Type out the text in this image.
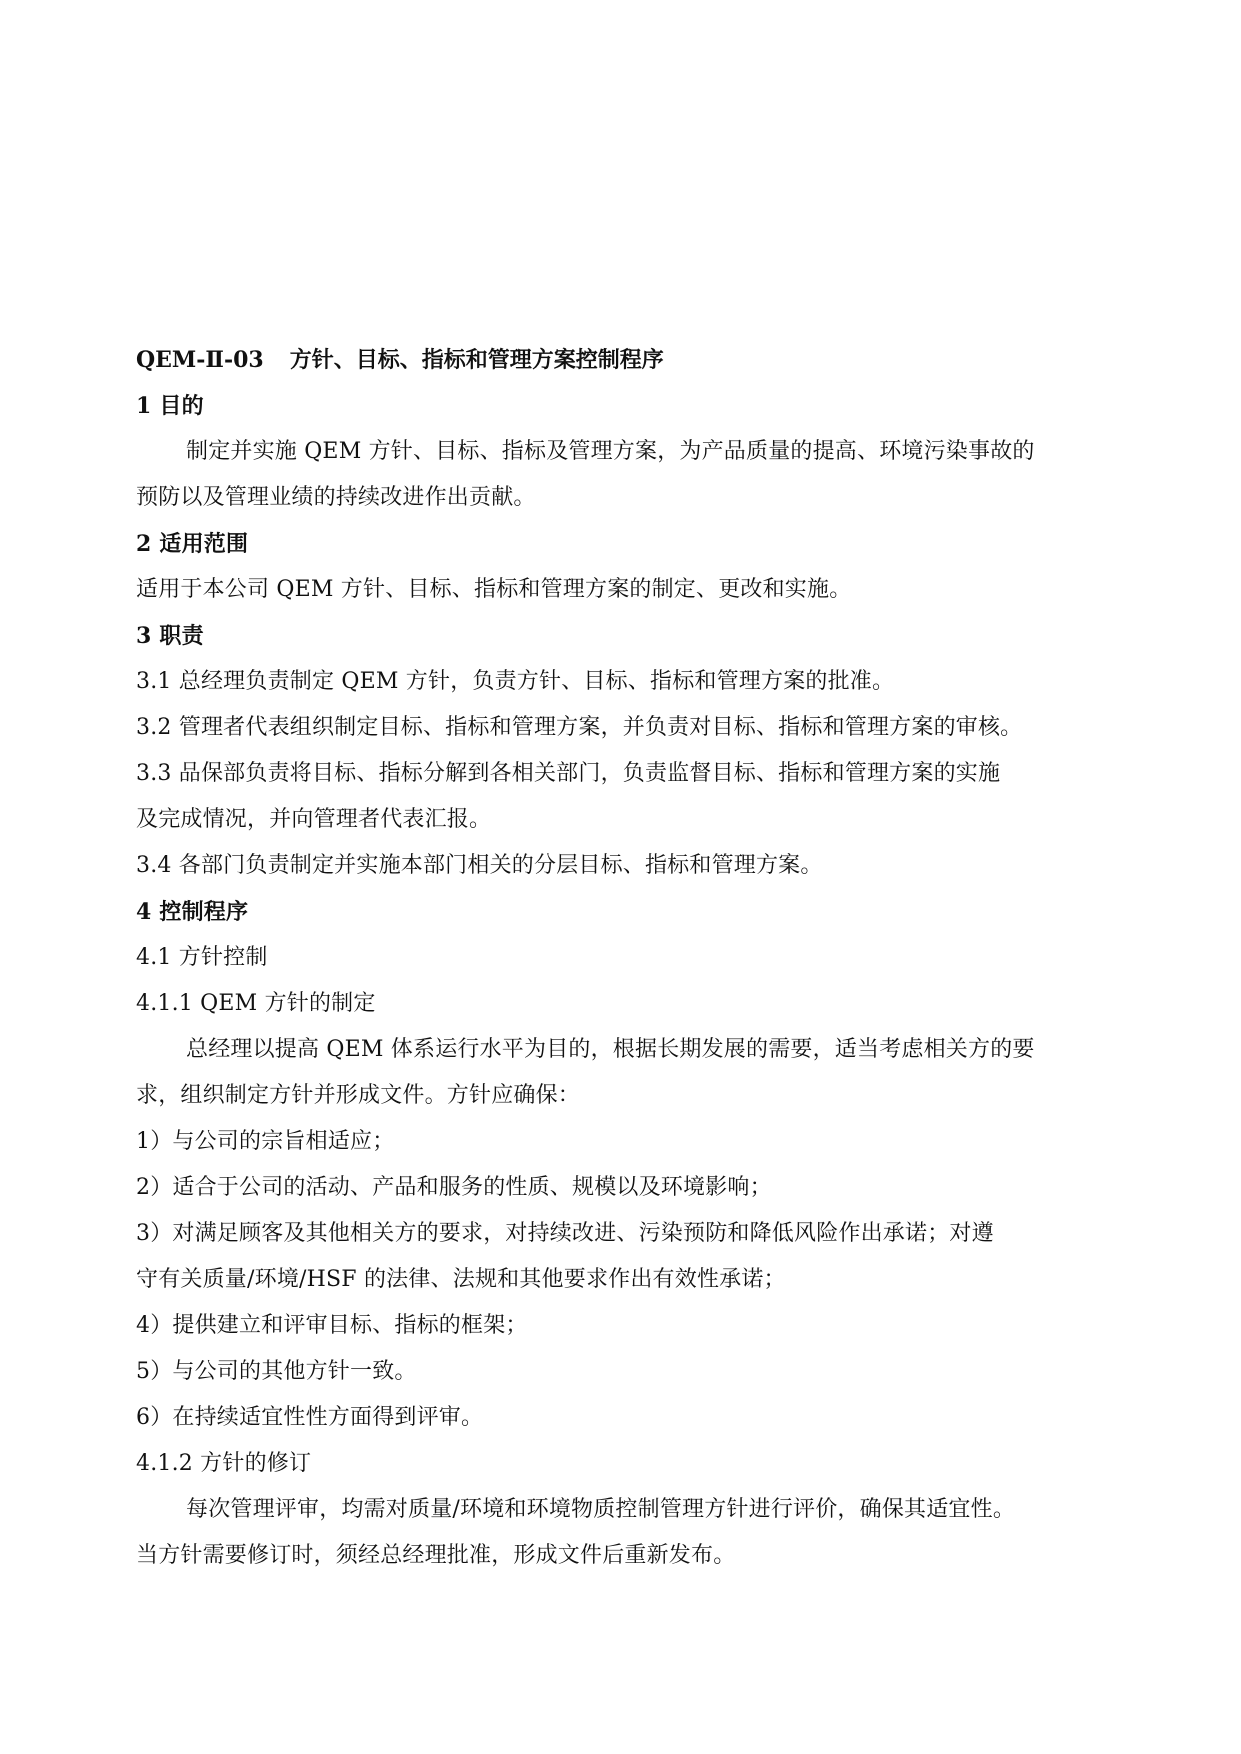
QEM-Ⅱ-03 方针、目标、指标和管理方案控制程序
1 目的
制定并实施 QEM 方针、目标、指标及管理方案，为产品质量的提高、环境污染事故的
预防以及管理业绩的持续改进作出贡献。
2 适用范围
适用于本公司 QEM 方针、目标、指标和管理方案的制定、更改和实施。
3 职责
3.1 总经理负责制定 QEM 方针，负责方针、目标、指标和管理方案的批准。
3.2 管理者代表组织制定目标、指标和管理方案，并负责对目标、指标和管理方案的审核。
3.3 品保部负责将目标、指标分解到各相关部门，负责监督目标、指标和管理方案的实施
及完成情况，并向管理者代表汇报。
3.4 各部门负责制定并实施本部门相关的分层目标、指标和管理方案。
4 控制程序
4.1 方针控制
4.1.1 QEM 方针的制定
总经理以提高 QEM 体系运行水平为目的，根据长期发展的需要，适当考虑相关方的要
求，组织制定方针并形成文件。方针应确保：
1）与公司的宗旨相适应；
2）适合于公司的活动、产品和服务的性质、规模以及环境影响；
3）对满足顾客及其他相关方的要求，对持续改进、污染预防和降低风险作出承诺；对遵
守有关质量/环境/HSF 的法律、法规和其他要求作出有效性承诺；
4）提供建立和评审目标、指标的框架；
5）与公司的其他方针一致。
6）在持续适宜性性方面得到评审。
4.1.2 方针的修订
每次管理评审，均需对质量/环境和环境物质控制管理方针进行评价，确保其适宜性。
当方针需要修订时，须经总经理批准，形成文件后重新发布。
